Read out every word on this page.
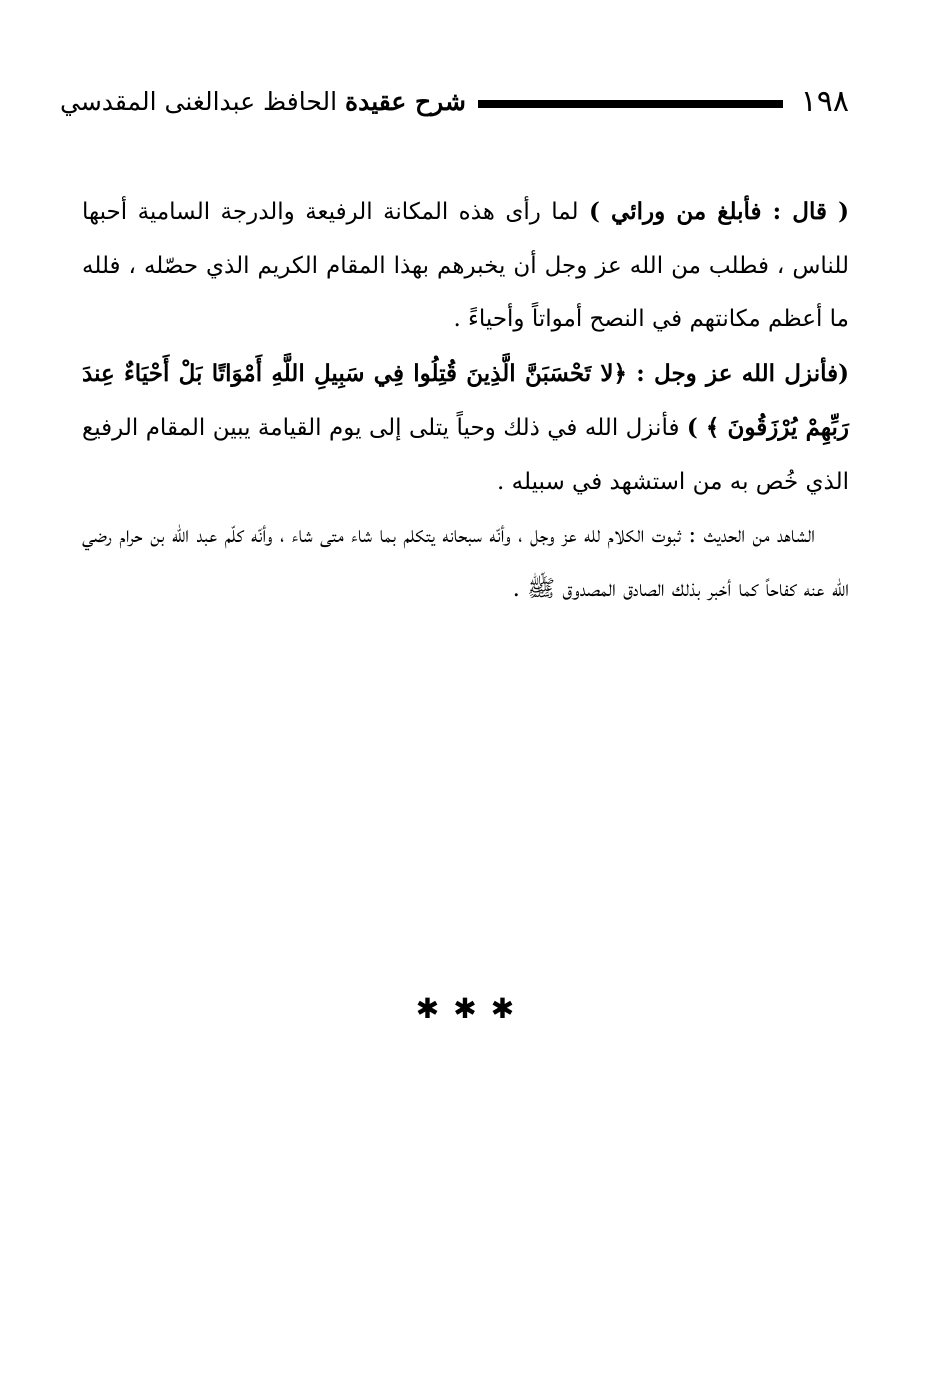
١٩٨
شرح عقيدة الحافظ عبدالغنى المقدسي

( قال : فأبلغ من ورائي ) لما رأى هذه المكانة الرفيعة والدرجة السامية أحبها للناس ، فطلب من الله عز وجل أن يخبرهم بهذا المقام الكريم الذي حصّله ، فلله ما أعظم مكانتهم في النصح أمواتاً وأحياءً .

(فأنزل الله عز وجل : ﴿لا تَحْسَبَنَّ الَّذِينَ قُتِلُوا فِي سَبِيلِ اللَّهِ أَمْوَاتًا بَلْ أَحْيَاءٌ عِندَ رَبِّهِمْ يُرْزَقُونَ ﴾ ) فأنزل الله في ذلك وحياً يتلى إلى يوم القيامة يبين المقام الرفيع الذي خُص به من استشهد في سبيله .

الشاهد من الحديث : ثبوت الكلام لله عز وجل ، وأنّه سبحانه يتكلم بما شاء متى شاء ، وأنّه كلّم عبد الله بن حرام رضي الله عنه كفاحاً كما أخبر بذلك الصادق المصدوق ﷺ .

✱✱✱
